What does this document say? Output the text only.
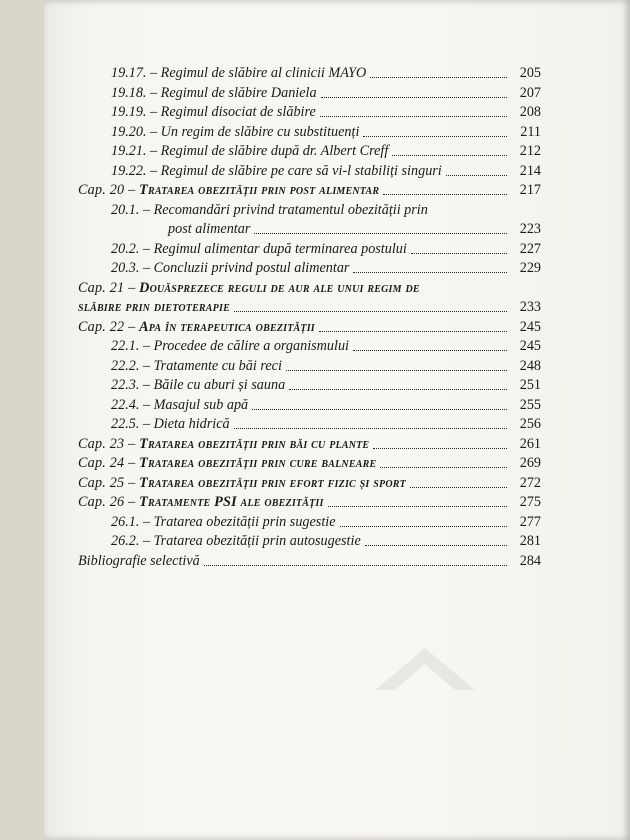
19.17. – Regimul de slăbire al clinicii MAYO	205
19.18. – Regimul de slăbire Daniela	207
19.19. – Regimul disociat de slăbire	208
19.20. – Un regim de slăbire cu substituenți	211
19.21. – Regimul de slăbire după dr. Albert Creff	212
19.22. – Regimul de slăbire pe care să vi-l stabiliți singuri	214
Cap. 20 – Tratarea obezității prin post alimentar	217
20.1. – Recomandări privind tratamentul obezității prin
post alimentar	223
20.2. – Regimul alimentar după terminarea postului	227
20.3. – Concluzii privind postul alimentar	229
Cap. 21 – Douăsprezece reguli de aur ale unui regim de
slăbire prin dietoterapie	233
Cap. 22 – Apa în terapeutica obezității	245
22.1. – Procedee de călire a organismului	245
22.2. – Tratamente cu băi reci	248
22.3. – Băile cu aburi și sauna	251
22.4. – Masajul sub apă	255
22.5. – Dieta hidrică	256
Cap. 23 – Tratarea obezității prin băi cu plante	261
Cap. 24 – Tratarea obezității prin cure balneare	269
Cap. 25 – Tratarea obezității prin efort fizic și sport	272
Cap. 26 – Tratamente PSI ale obezității	275
26.1. – Tratarea obezității prin sugestie	277
26.2. – Tratarea obezității prin autosugestie	281
Bibliografie selectivă	284
